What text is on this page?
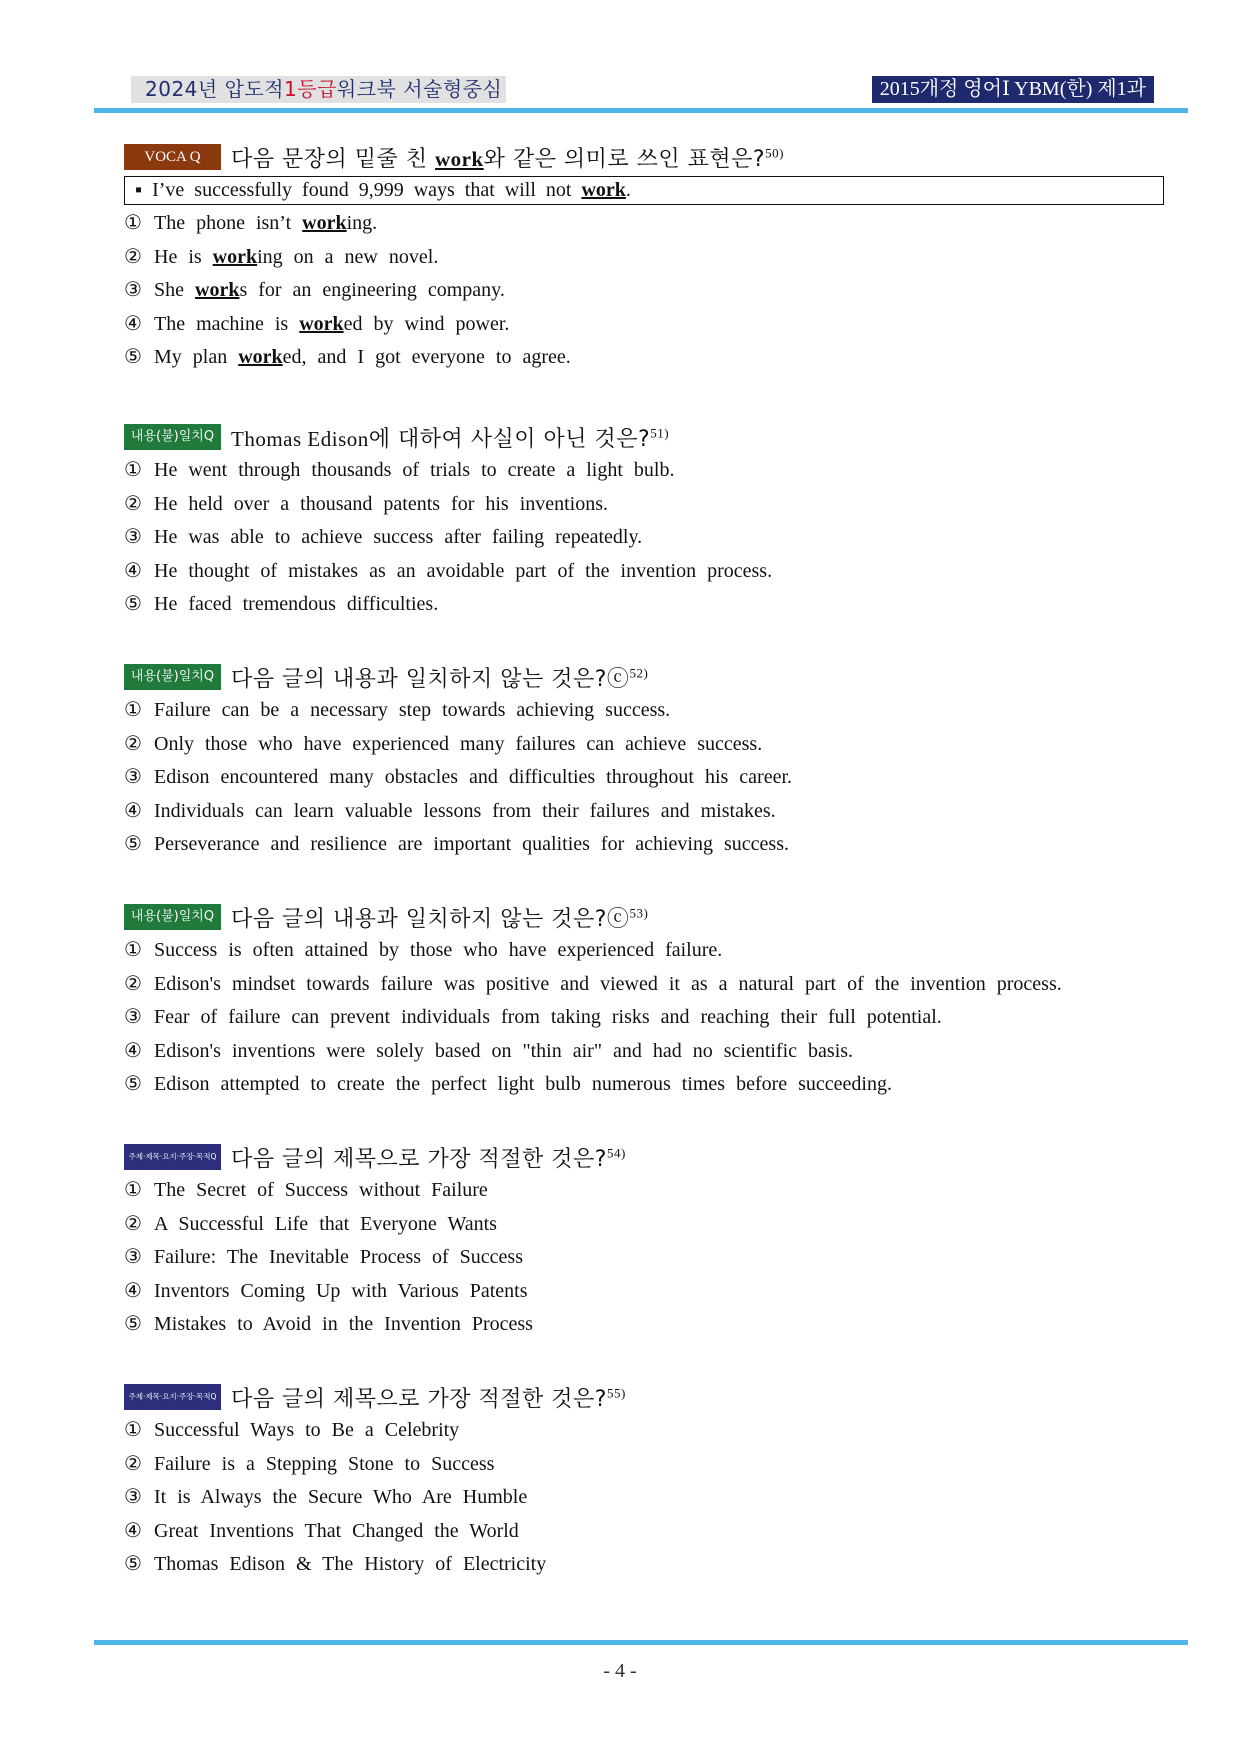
2024년 압도적1등급워크북 서술형중심	2015개정 영어Ⅰ YBM(한) 제1과
VOCA Q	다음 문장의 밑줄 친 work와 같은 의미로 쓰인 표현은?$^{50)}$
▪ I’ve successfully found 9,999 ways that will not work.
① The phone isn’t working.
② He is working on a new novel.
③ She works for an engineering company.
④ The machine is worked by wind power.
⑤ My plan worked, and I got everyone to agree.
내용(불)일치Q Thomas Edison에 대하여 사실이 아닌 것은?$^{51)}$
① He went through thousands of trials to create a light bulb.
② He held over a thousand patents for his inventions.
③ He was able to achieve success after failing repeatedly.
④ He thought of mistakes as an avoidable part of the invention process.
⑤ He faced tremendous difficulties.
내용(불)일치Q 다음 글의 내용과 일치하지 않는 것은?ⓒ$^{52)}$
① Failure can be a necessary step towards achieving success.
② Only those who have experienced many failures can achieve success.
③ Edison encountered many obstacles and difficulties throughout his career.
④ Individuals can learn valuable lessons from their failures and mistakes.
⑤ Perseverance and resilience are important qualities for achieving success.
내용(불)일치Q 다음 글의 내용과 일치하지 않는 것은?ⓒ$^{53)}$
① Success is often attained by those who have experienced failure.
② Edison's mindset towards failure was positive and viewed it as a natural part of the invention process.
③ Fear of failure can prevent individuals from taking risks and reaching their full potential.
④ Edison's inventions were solely based on "thin air" and had no scientific basis.
⑤ Edison attempted to create the perfect light bulb numerous times before succeeding.
주제·제목·요지·주장·목적Q 다음 글의 제목으로 가장 적절한 것은?$^{54)}$
① The Secret of Success without Failure
② A Successful Life that Everyone Wants
③ Failure: The Inevitable Process of Success
④ Inventors Coming Up with Various Patents
⑤ Mistakes to Avoid in the Invention Process
주제·제목·요지·주장·목적Q 다음 글의 제목으로 가장 적절한 것은?$^{55)}$
① Successful Ways to Be a Celebrity
② Failure is a Stepping Stone to Success
③ It is Always the Secure Who Are Humble
④ Great Inventions That Changed the World
⑤ Thomas Edison & The History of Electricity
- 4 -
